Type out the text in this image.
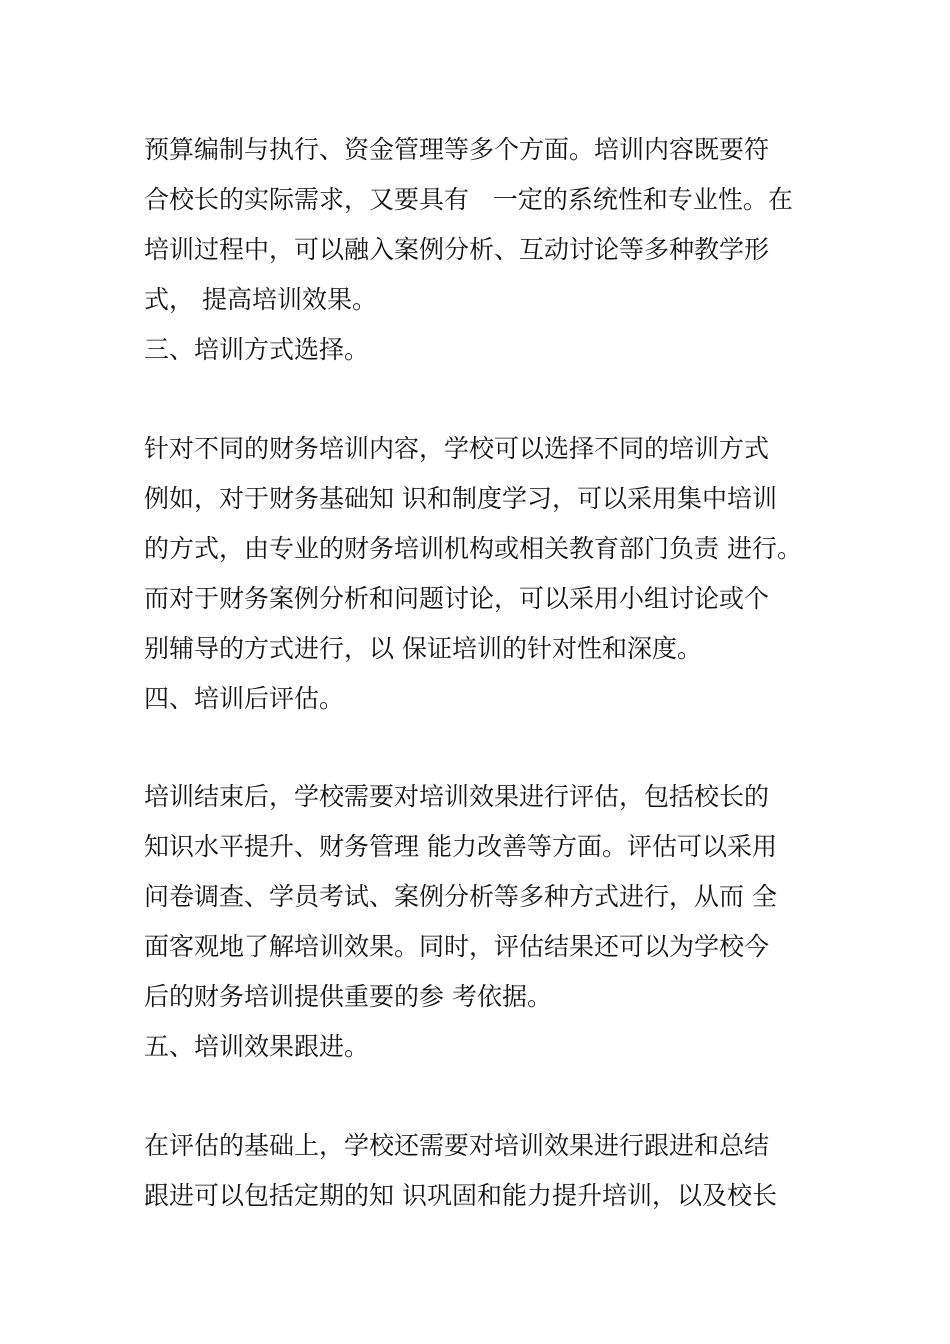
预算编制与执行、资金管理等多个方面。培训内容既要符
合校长的实际需求，又要具有   一定的系统性和专业性。在
培训过程中，可以融入案例分析、互动讨论等多种教学形
式， 提高培训效果。
三、培训方式选择。
针对不同的财务培训内容，学校可以选择不同的培训方式
例如，对于财务基础知 识和制度学习，可以采用集中培训
的方式，由专业的财务培训机构或相关教育部门负责 进行。
而对于财务案例分析和问题讨论，可以采用小组讨论或个
别辅导的方式进行，以 保证培训的针对性和深度。
四、培训后评估。
培训结束后，学校需要对培训效果进行评估，包括校长的
知识水平提升、财务管理 能力改善等方面。评估可以采用
问卷调查、学员考试、案例分析等多种方式进行，从而 全
面客观地了解培训效果。同时，评估结果还可以为学校今
后的财务培训提供重要的参 考依据。
五、培训效果跟进。
在评估的基础上，学校还需要对培训效果进行跟进和总结
跟进可以包括定期的知 识巩固和能力提升培训，以及校长
